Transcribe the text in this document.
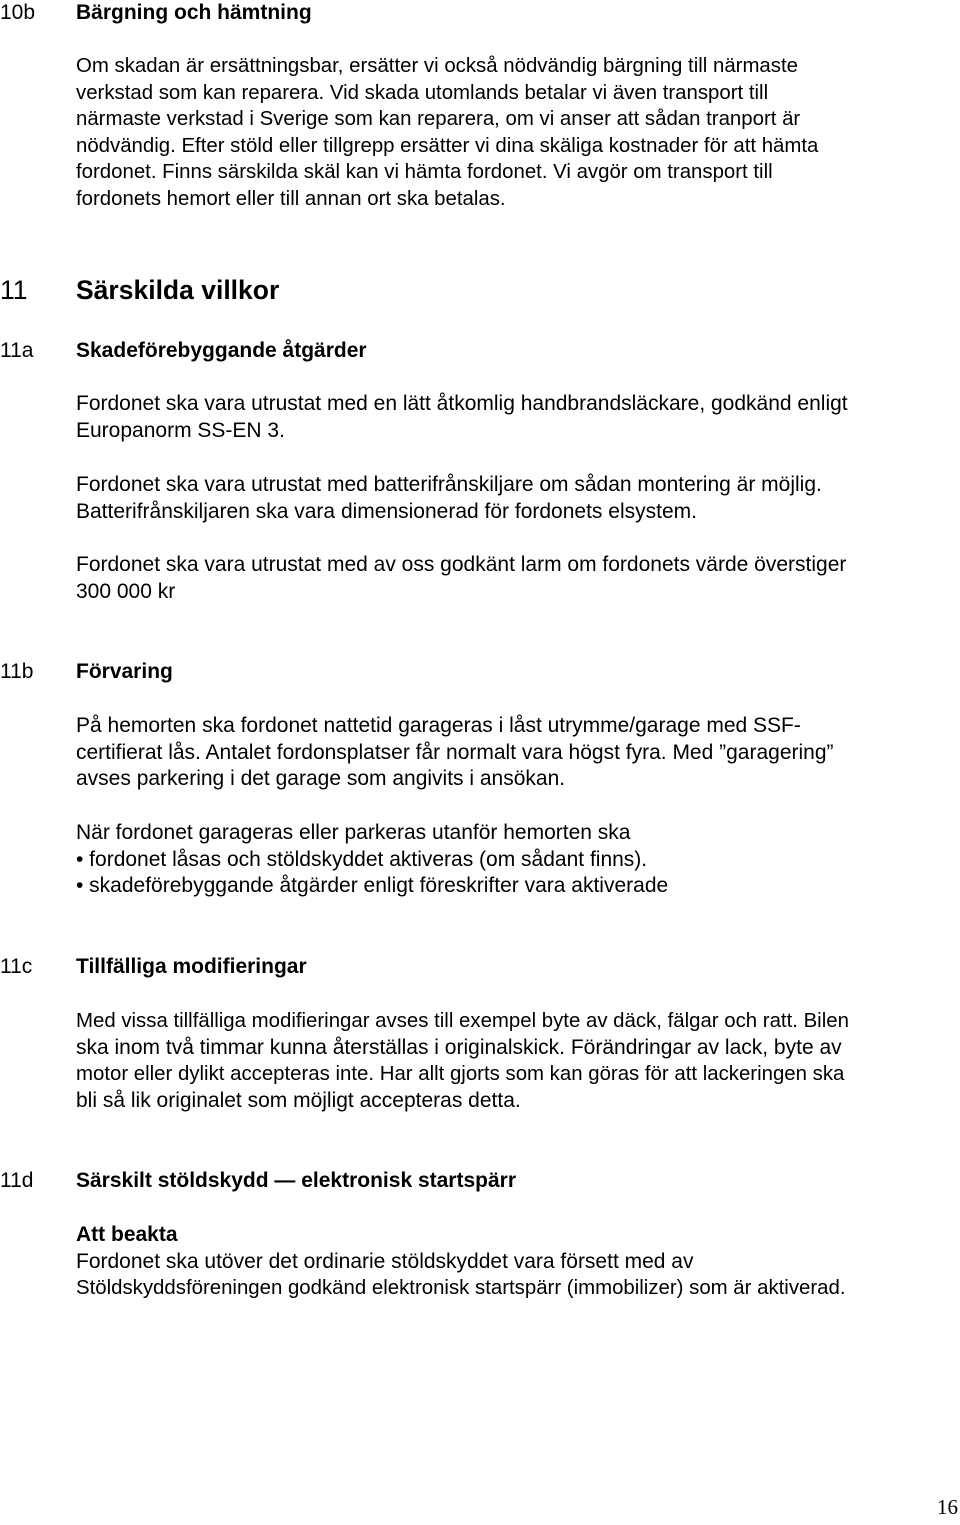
10b Bärgning och hämtning
Om skadan är ersättningsbar, ersätter vi också nödvändig bärgning till närmaste
verkstad som kan reparera. Vid skada utomlands betalar vi även transport till
närmaste verkstad i Sverige som kan reparera, om vi anser att sådan tranport är
nödvändig. Efter stöld eller tillgrepp ersätter vi dina skäliga kostnader för att hämta
fordonet. Finns särskilda skäl kan vi hämta fordonet. Vi avgör om transport till
fordonets hemort eller till annan ort ska betalas.
11 Särskilda villkor
11a Skadeförebyggande åtgärder
Fordonet ska vara utrustat med en lätt åtkomlig handbrandsläckare, godkänd enligt
Europanorm SS-EN 3.
Fordonet ska vara utrustat med batterifrånskiljare om sådan montering är möjlig.
Batterifrånskiljaren ska vara dimensionerad för fordonets elsystem.
Fordonet ska vara utrustat med av oss godkänt larm om fordonets värde överstiger
300 000 kr
11b Förvaring
På hemorten ska fordonet nattetid garageras i låst utrymme/garage med SSF-
certifierat lås. Antalet fordonsplatser får normalt vara högst fyra. Med ”garagering”
avses parkering i det garage som angivits i ansökan.
När fordonet garageras eller parkeras utanför hemorten ska
• fordonet låsas och stöldskyddet aktiveras (om sådant finns).
• skadeförebyggande åtgärder enligt föreskrifter vara aktiverade
11c Tillfälliga modifieringar
Med vissa tillfälliga modifieringar avses till exempel byte av däck, fälgar och ratt. Bilen
ska inom två timmar kunna återställas i originalskick. Förändringar av lack, byte av
motor eller dylikt accepteras inte. Har allt gjorts som kan göras för att lackeringen ska
bli så lik originalet som möjligt accepteras detta.
11d Särskilt stöldskydd — elektronisk startspärr
Att beakta
Fordonet ska utöver det ordinarie stöldskyddet vara försett med av
Stöldskyddsföreningen godkänd elektronisk startspärr (immobilizer) som är aktiverad.
16
